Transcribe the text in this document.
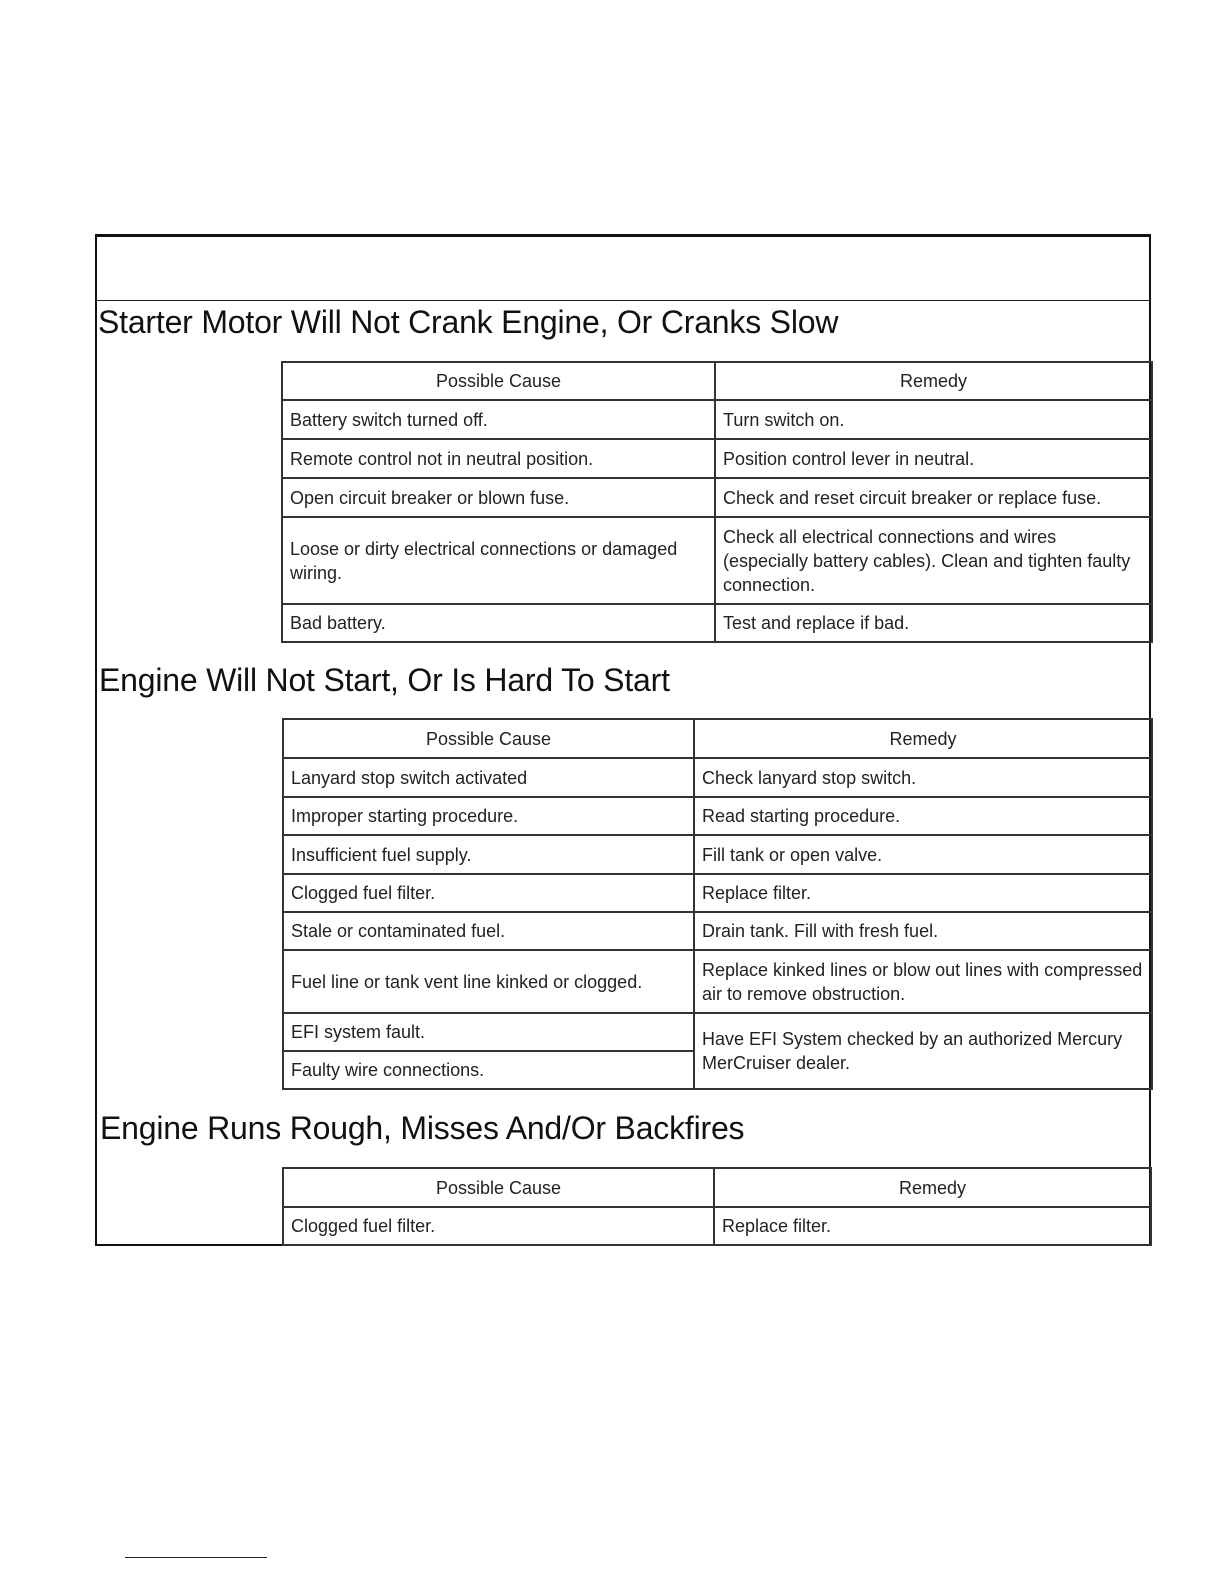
Starter Motor Will Not Crank Engine, Or Cranks Slow
Possible Cause	Remedy
Battery switch turned off.	Turn switch on.
Remote control not in neutral position.	Position control lever in neutral.
Open circuit breaker or blown fuse.	Check and reset circuit breaker or replace fuse.
Loose or dirty electrical connections or damaged wiring.	Check all electrical connections and wires (especially battery cables). Clean and tighten faulty connection.
Bad battery.	Test and replace if bad.
Engine Will Not Start, Or Is Hard To Start
Possible Cause	Remedy
Lanyard stop switch activated	Check lanyard stop switch.
Improper starting procedure.	Read starting procedure.
Insufficient fuel supply.	Fill tank or open valve.
Clogged fuel filter.	Replace filter.
Stale or contaminated fuel.	Drain tank. Fill with fresh fuel.
Fuel line or tank vent line kinked or clogged.	Replace kinked lines or blow out lines with compressed air to remove obstruction.
EFI system fault.	Have EFI System checked by an authorized Mercury MerCruiser dealer.
Faulty wire connections.	
Engine Runs Rough, Misses And/Or Backfires
Possible Cause	Remedy
Clogged fuel filter.	Replace filter.
